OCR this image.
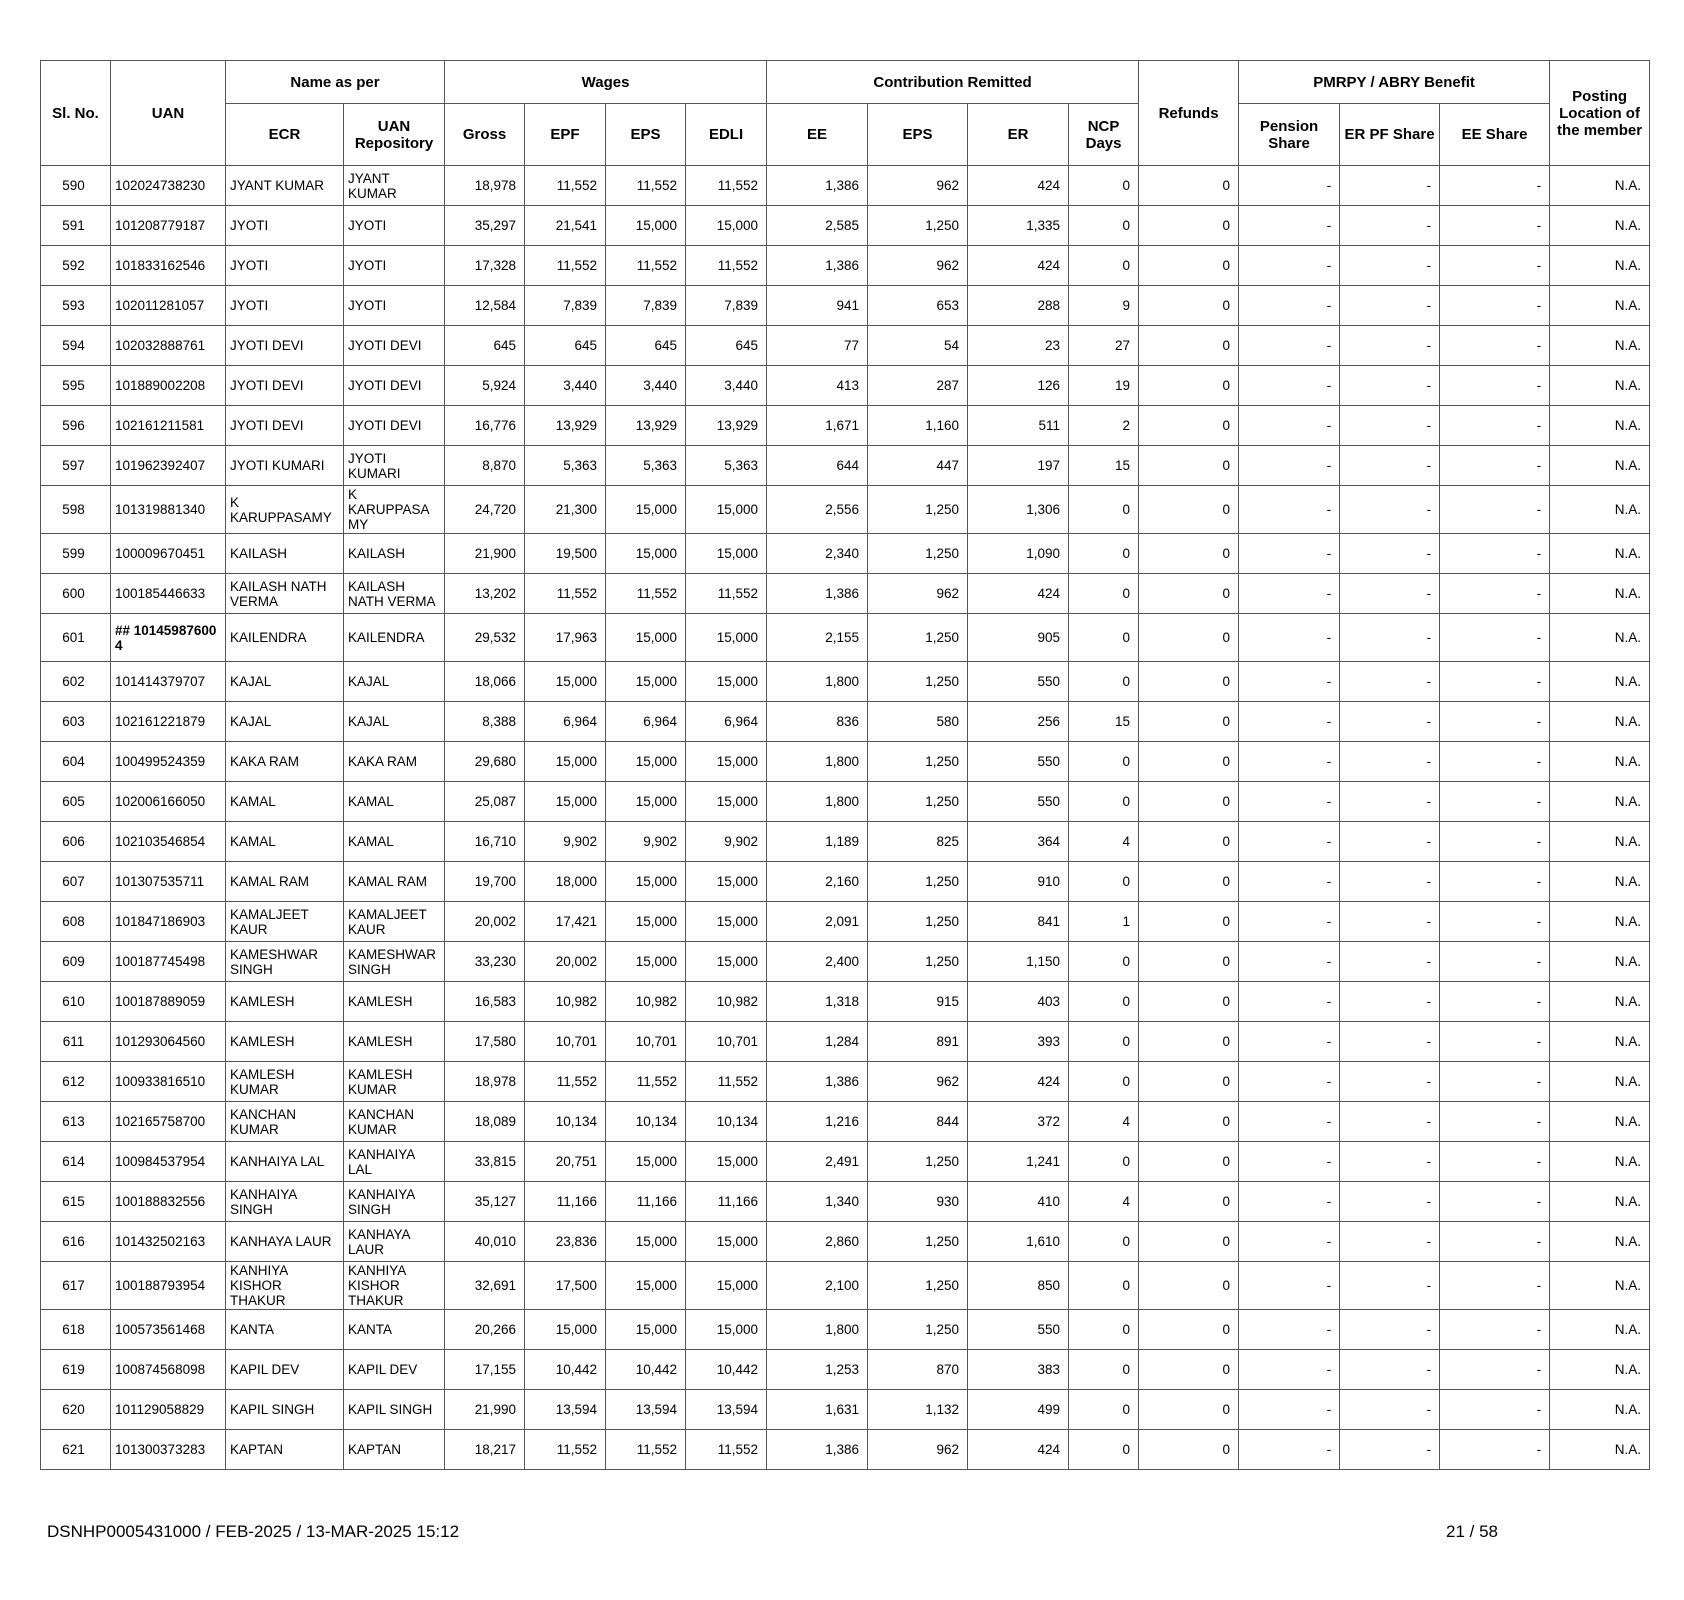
Sl. No.	UAN	Name as per		Wages				Contribution Remitted				Refunds	PMRPY / ABRY Benefit			Posting Location of the member
		ECR	UAN Repository	Gross	EPF	EPS	EDLI	EE	EPS	ER	NCP Days		Pension Share	ER PF Share	EE Share	
590	102024738230	JYANT KUMAR	JYANT KUMAR	18,978	11,552	11,552	11,552	1,386	962	424	0	0	-	-	-	N.A.
591	101208779187	JYOTI	JYOTI	35,297	21,541	15,000	15,000	2,585	1,250	1,335	0	0	-	-	-	N.A.
592	101833162546	JYOTI	JYOTI	17,328	11,552	11,552	11,552	1,386	962	424	0	0	-	-	-	N.A.
593	102011281057	JYOTI	JYOTI	12,584	7,839	7,839	7,839	941	653	288	9	0	-	-	-	N.A.
594	102032888761	JYOTI DEVI	JYOTI DEVI	645	645	645	645	77	54	23	27	0	-	-	-	N.A.
595	101889002208	JYOTI DEVI	JYOTI DEVI	5,924	3,440	3,440	3,440	413	287	126	19	0	-	-	-	N.A.
596	102161211581	JYOTI DEVI	JYOTI DEVI	16,776	13,929	13,929	13,929	1,671	1,160	511	2	0	-	-	-	N.A.
597	101962392407	JYOTI KUMARI	JYOTI KUMARI	8,870	5,363	5,363	5,363	644	447	197	15	0	-	-	-	N.A.
598	101319881340	K KARUPPASAMY	K KARUPPASA MY	24,720	21,300	15,000	15,000	2,556	1,250	1,306	0	0	-	-	-	N.A.
599	100009670451	KAILASH	KAILASH	21,900	19,500	15,000	15,000	2,340	1,250	1,090	0	0	-	-	-	N.A.
600	100185446633	KAILASH NATH VERMA	KAILASH NATH VERMA	13,202	11,552	11,552	11,552	1,386	962	424	0	0	-	-	-	N.A.
601	## 10145987600 4	KAILENDRA	KAILENDRA	29,532	17,963	15,000	15,000	2,155	1,250	905	0	0	-	-	-	N.A.
602	101414379707	KAJAL	KAJAL	18,066	15,000	15,000	15,000	1,800	1,250	550	0	0	-	-	-	N.A.
603	102161221879	KAJAL	KAJAL	8,388	6,964	6,964	6,964	836	580	256	15	0	-	-	-	N.A.
604	100499524359	KAKA RAM	KAKA RAM	29,680	15,000	15,000	15,000	1,800	1,250	550	0	0	-	-	-	N.A.
605	102006166050	KAMAL	KAMAL	25,087	15,000	15,000	15,000	1,800	1,250	550	0	0	-	-	-	N.A.
606	102103546854	KAMAL	KAMAL	16,710	9,902	9,902	9,902	1,189	825	364	4	0	-	-	-	N.A.
607	101307535711	KAMAL RAM	KAMAL RAM	19,700	18,000	15,000	15,000	2,160	1,250	910	0	0	-	-	-	N.A.
608	101847186903	KAMALJEET KAUR	KAMALJEET KAUR	20,002	17,421	15,000	15,000	2,091	1,250	841	1	0	-	-	-	N.A.
609	100187745498	KAMESHWAR SINGH	KAMESHWAR SINGH	33,230	20,002	15,000	15,000	2,400	1,250	1,150	0	0	-	-	-	N.A.
610	100187889059	KAMLESH	KAMLESH	16,583	10,982	10,982	10,982	1,318	915	403	0	0	-	-	-	N.A.
611	101293064560	KAMLESH	KAMLESH	17,580	10,701	10,701	10,701	1,284	891	393	0	0	-	-	-	N.A.
612	100933816510	KAMLESH KUMAR	KAMLESH KUMAR	18,978	11,552	11,552	11,552	1,386	962	424	0	0	-	-	-	N.A.
613	102165758700	KANCHAN KUMAR	KANCHAN KUMAR	18,089	10,134	10,134	10,134	1,216	844	372	4	0	-	-	-	N.A.
614	100984537954	KANHAIYA LAL	KANHAIYA LAL	33,815	20,751	15,000	15,000	2,491	1,250	1,241	0	0	-	-	-	N.A.
615	100188832556	KANHAIYA SINGH	KANHAIYA SINGH	35,127	11,166	11,166	11,166	1,340	930	410	4	0	-	-	-	N.A.
616	101432502163	KANHAYA LAUR	KANHAYA LAUR	40,010	23,836	15,000	15,000	2,860	1,250	1,610	0	0	-	-	-	N.A.
617	100188793954	KANHIYA KISHOR THAKUR	KANHIYA KISHOR THAKUR	32,691	17,500	15,000	15,000	2,100	1,250	850	0	0	-	-	-	N.A.
618	100573561468	KANTA	KANTA	20,266	15,000	15,000	15,000	1,800	1,250	550	0	0	-	-	-	N.A.
619	100874568098	KAPIL DEV	KAPIL DEV	17,155	10,442	10,442	10,442	1,253	870	383	0	0	-	-	-	N.A.
620	101129058829	KAPIL SINGH	KAPIL SINGH	21,990	13,594	13,594	13,594	1,631	1,132	499	0	0	-	-	-	N.A.
621	101300373283	KAPTAN	KAPTAN	18,217	11,552	11,552	11,552	1,386	962	424	0	0	-	-	-	N.A.
DSNHP0005431000 / FEB-2025 / 13-MAR-2025 15:12	21 / 58
